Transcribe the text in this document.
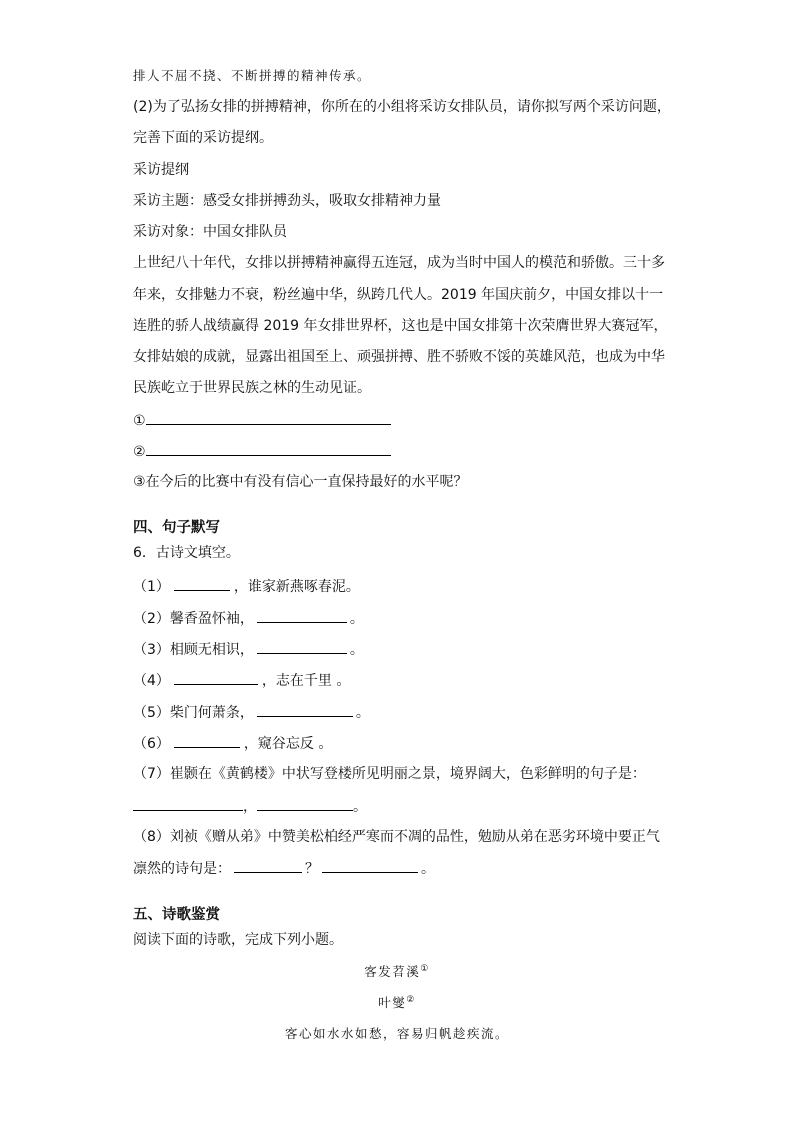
排人不屈不挠、不断拼搏的精神传承。
(2)为了弘扬女排的拼搏精神，你所在的小组将采访女排队员，请你拟写两个采访问题，
完善下面的采访提纲。
采访提纲
采访主题：感受女排拼搏劲头，吸取女排精神力量
采访对象：中国女排队员
上世纪八十年代，女排以拼搏精神赢得五连冠，成为当时中国人的模范和骄傲。三十多
年来，女排魅力不衰，粉丝遍中华，纵跨几代人。2019 年国庆前夕，中国女排以十一
连胜的骄人战绩赢得 2019 年女排世界杯，这也是中国女排第十次荣膺世界大赛冠军，
女排姑娘的成就，显露出祖国至上、顽强拼搏、胜不骄败不馁的英雄风范，也成为中华
民族屹立于世界民族之林的生动见证。
①
②
③在今后的比赛中有没有信心一直保持最好的水平呢？
四、句子默写
6．古诗文填空。
（1）	，谁家新燕啄春泥。
（2）馨香盈怀袖，	。
（3）相顾无相识，	。
（4）	，志在千里 。
（5）柴门何萧条，	。
（6）	，窥谷忘反 。
（7）崔颢在《黄鹤楼》中状写登楼所见明丽之景，境界阔大，色彩鲜明的句子是：
，	。
（8）刘祯《赠从弟》中赞美松柏经严寒而不凋的品性，勉励从弟在恶劣环境中要正气
凛然的诗句是：	？	。
五、诗歌鉴赏
阅读下面的诗歌，完成下列小题。
客发苕溪①
叶燮②
客心如水水如愁，容易归帆趁疾流。
